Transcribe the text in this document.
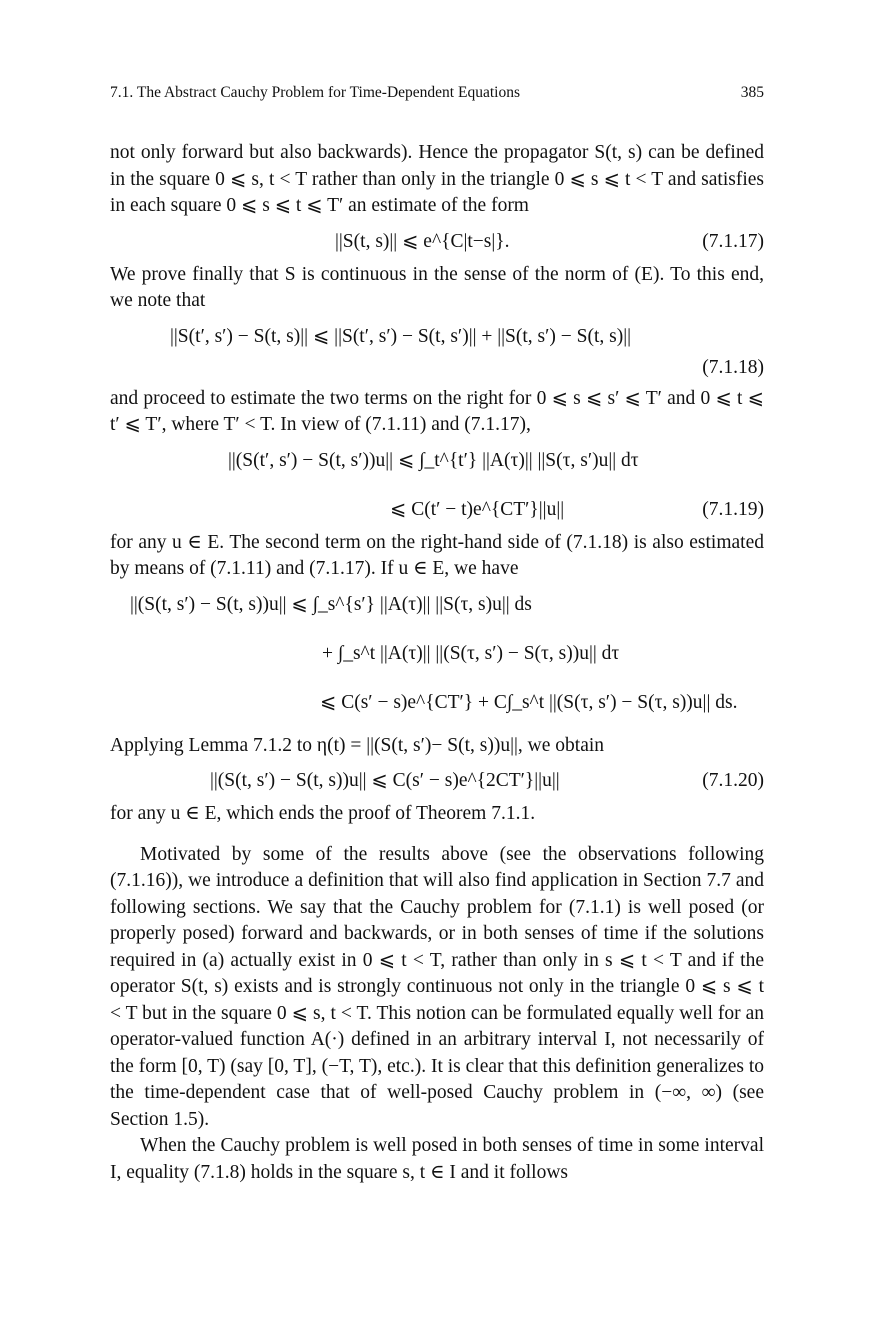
7.1. The Abstract Cauchy Problem for Time-Dependent Equations	385

not only forward but also backwards). Hence the propagator S(t, s) can be defined in the square 0 ⩽ s, t < T rather than only in the triangle 0 ⩽ s ⩽ t < T and satisfies in each square 0 ⩽ s ⩽ t ⩽ T′ an estimate of the form

||S(t, s)|| ⩽ e^{C|t−s|}.	(7.1.17)

We prove finally that S is continuous in the sense of the norm of (E). To this end, we note that

||S(t′, s′) − S(t, s)|| ⩽ ||S(t′, s′) − S(t, s′)|| + ||S(t, s′) − S(t, s)||
(7.1.18)

and proceed to estimate the two terms on the right for 0 ⩽ s ⩽ s′ ⩽ T′ and 0 ⩽ t ⩽ t′ ⩽ T′, where T′ < T. In view of (7.1.11) and (7.1.17),

||(S(t′, s′) − S(t, s′))u|| ⩽ ∫_t^{t′} ||A(τ)|| ||S(τ, s′)u|| dτ
⩽ C(t′ − t)e^{CT′}||u||	(7.1.19)

for any u ∈ E. The second term on the right-hand side of (7.1.18) is also estimated by means of (7.1.11) and (7.1.17). If u ∈ E, we have

||(S(t, s′) − S(t, s))u|| ⩽ ∫_s^{s′} ||A(τ)|| ||S(τ, s)u|| ds
+ ∫_s^t ||A(τ)|| ||(S(τ, s′) − S(τ, s))u|| dτ
⩽ C(s′ − s)e^{CT′} + C∫_s^t ||(S(τ, s′) − S(τ, s))u|| ds.

Applying Lemma 7.1.2 to η(t) = ||(S(t, s′)− S(t, s))u||, we obtain

||(S(t, s′) − S(t, s))u|| ⩽ C(s′ − s)e^{2CT′}||u||	(7.1.20)

for any u ∈ E, which ends the proof of Theorem 7.1.1.

Motivated by some of the results above (see the observations following (7.1.16)), we introduce a definition that will also find application in Section 7.7 and following sections. We say that the Cauchy problem for (7.1.1) is well posed (or properly posed) forward and backwards, or in both senses of time if the solutions required in (a) actually exist in 0 ⩽ t < T, rather than only in s ⩽ t < T and if the operator S(t, s) exists and is strongly continuous not only in the triangle 0 ⩽ s ⩽ t < T but in the square 0 ⩽ s, t < T. This notion can be formulated equally well for an operator-valued function A(·) defined in an arbitrary interval I, not necessarily of the form [0, T) (say [0, T], (−T, T), etc.). It is clear that this definition generalizes to the time-dependent case that of well-posed Cauchy problem in (−∞, ∞) (see Section 1.5).

When the Cauchy problem is well posed in both senses of time in some interval I, equality (7.1.8) holds in the square s, t ∈ I and it follows
